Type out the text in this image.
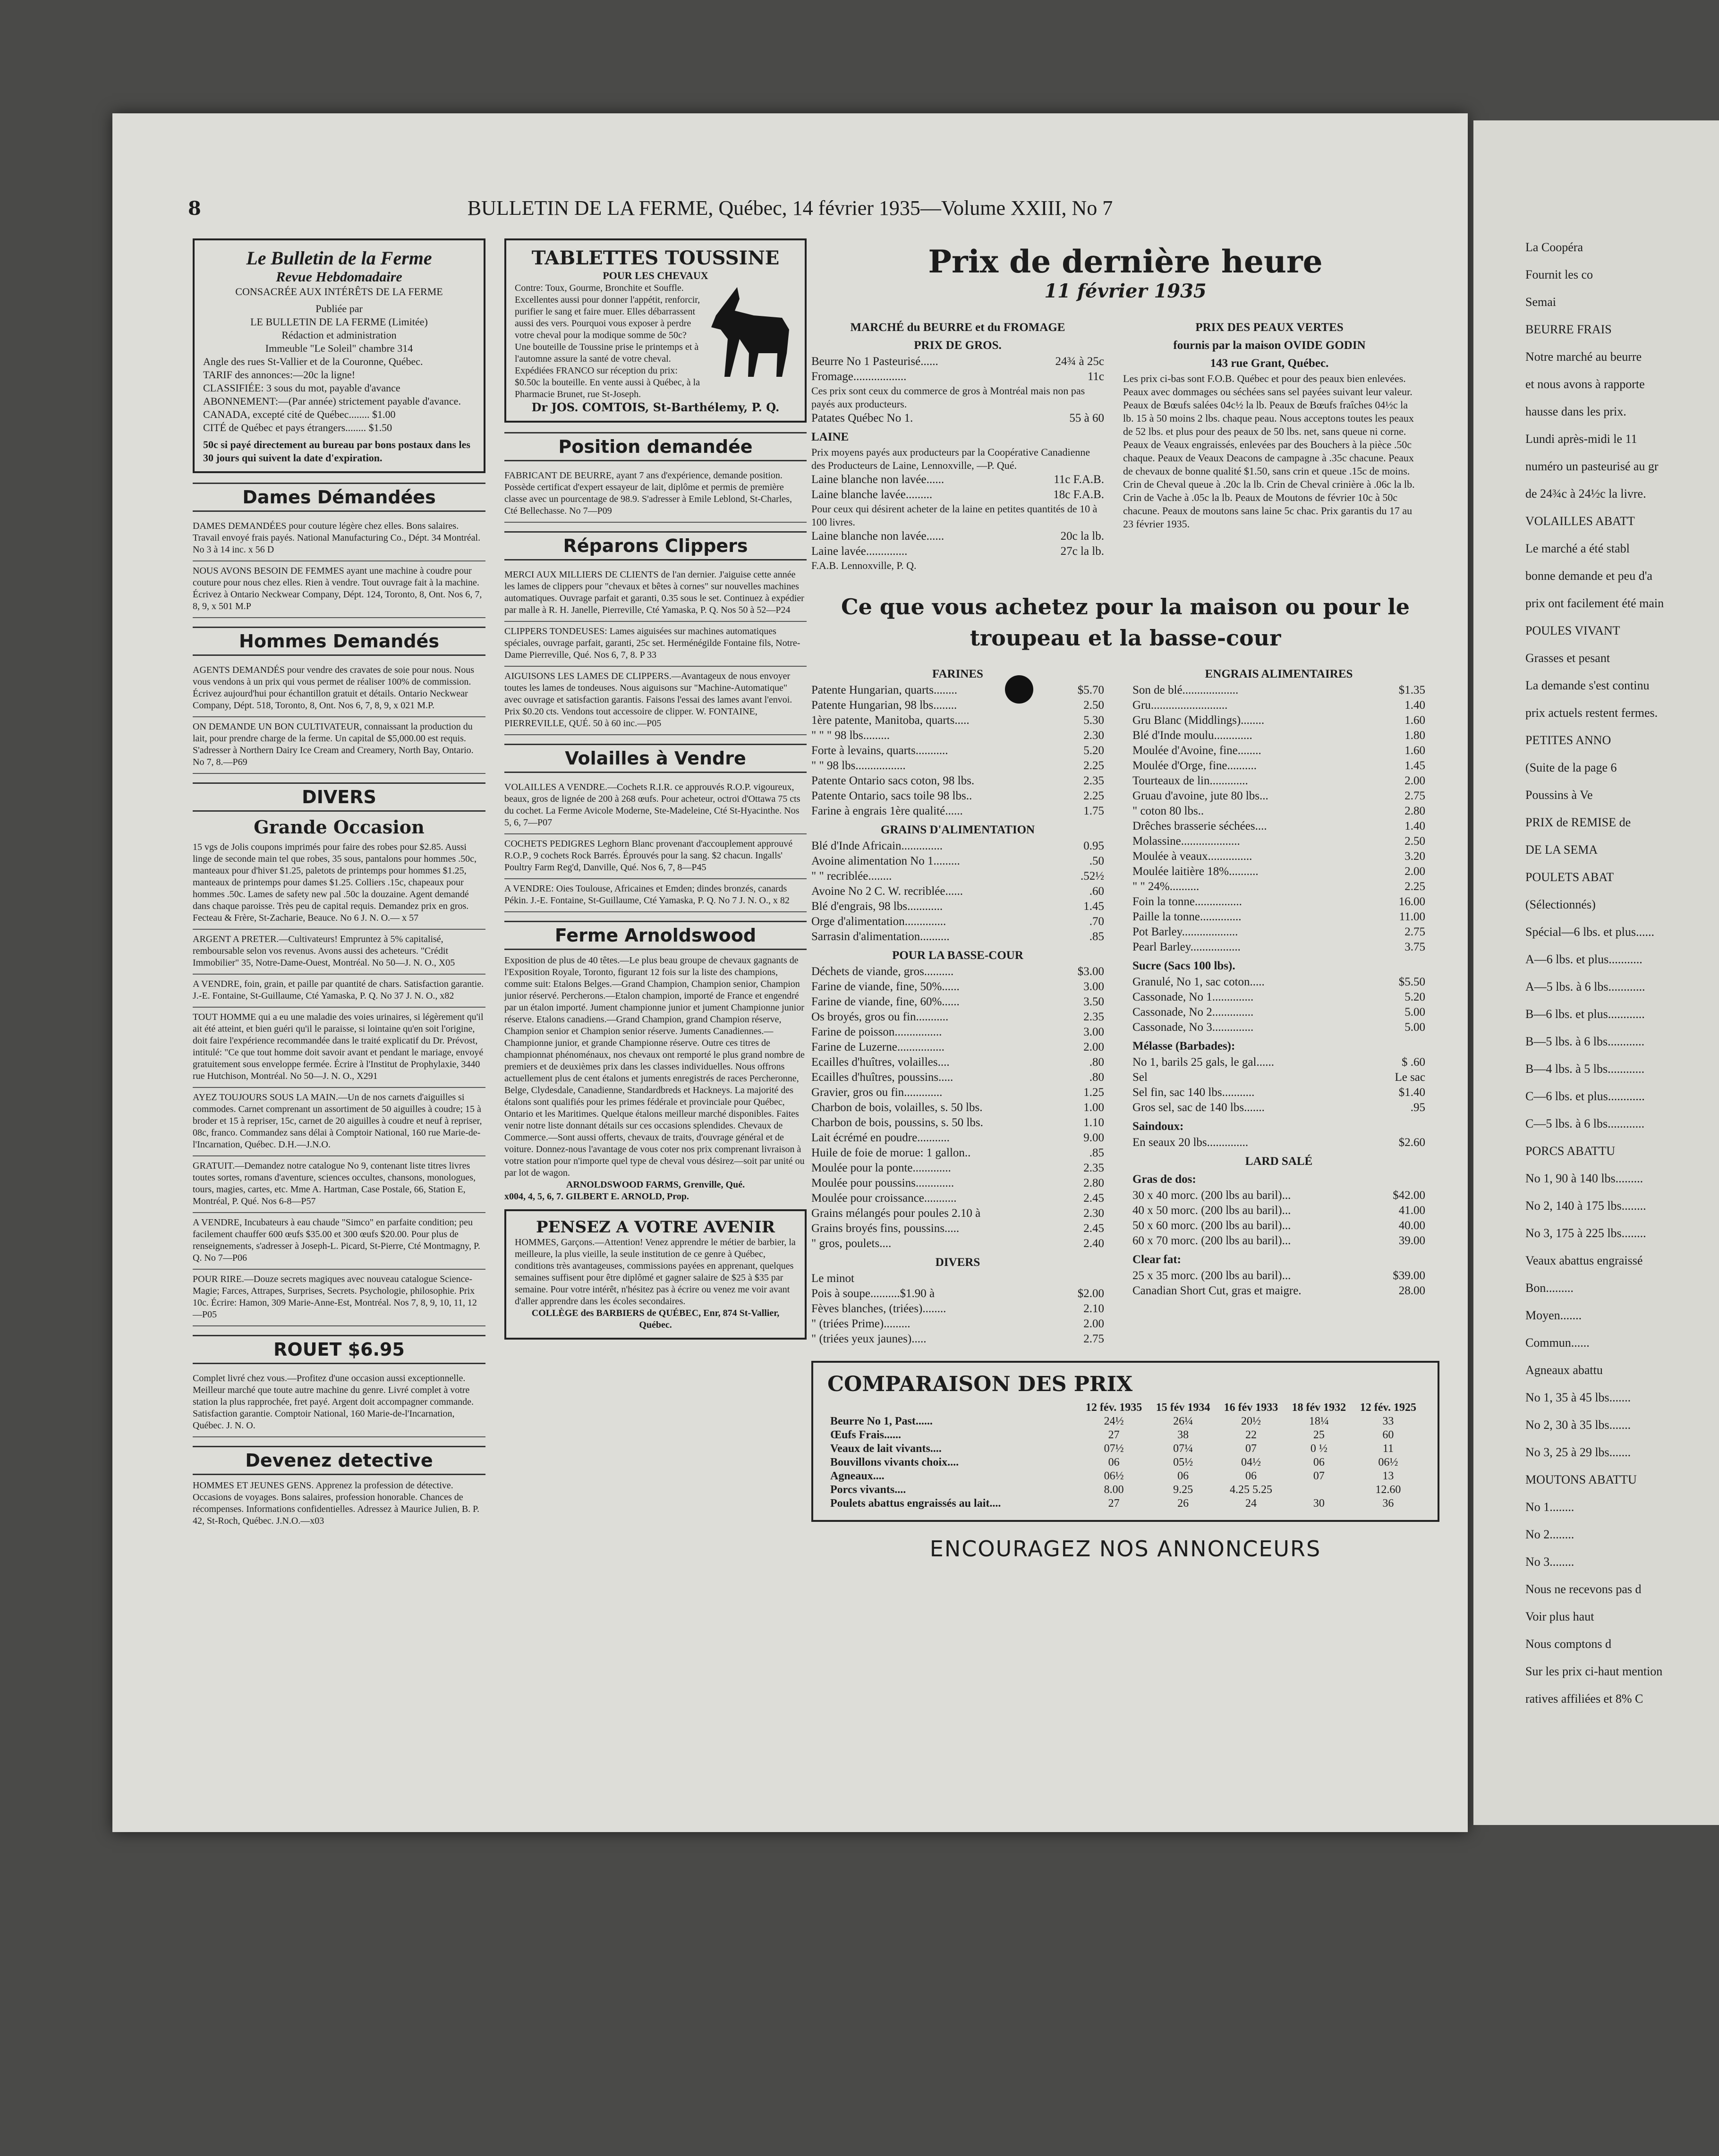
8	BULLETIN DE LA FERME, Québec, 14 février 1935—Volume XXIII, No 7
Le Bulletin de la Ferme
Revue Hebdomadaire
CONSACRÉE AUX INTÉRÊTS DE LA FERME
Publiée par
LE BULLETIN DE LA FERME (Limitée)
Rédaction et administration
Immeuble "Le Soleil" chambre 314
Angle des rues St-Vallier et de la Couronne, Québec.
TARIF des annonces:—20c la ligne!
CLASSIFIÉE: 3 sous du mot, payable d'avance
ABONNEMENT:—(Par année) strictement payable d'avance.
CANADA, excepté cité de Québec........ $1.00
CITÉ de Québec et pays étrangers........ $1.50
50c si payé directement au bureau par bons postaux dans les 30 jours qui suivent la date d'expiration.
Dames Démandées
DAMES DEMANDÉES pour couture légère chez elles. Bons salaires. Travail envoyé frais payés. National Manufacturing Co., Dépt. 34 Montréal. No 3 à 14 inc. x 56 D
NOUS AVONS BESOIN DE FEMMES ayant une machine à coudre pour couture pour nous chez elles. Rien à vendre. Tout ouvrage fait à la machine. Écrivez à Ontario Neckwear Company, Dépt. 124, Toronto, 8, Ont. Nos 6, 7, 8, 9, x 501 M.P
Hommes Demandés
AGENTS DEMANDÉS pour vendre des cravates de soie pour nous. Nous vous vendons à un prix qui vous permet de réaliser 100% de commission. Écrivez aujourd'hui pour échantillon gratuit et détails. Ontario Neckwear Company, Dépt. 518, Toronto, 8, Ont. Nos 6, 7, 8, 9, x 021 M.P.
ON DEMANDE UN BON CULTIVATEUR, connaissant la production du lait, pour prendre charge de la ferme. Un capital de $5,000.00 est requis. S'adresser à Northern Dairy Ice Cream and Creamery, North Bay, Ontario. No 7, 8.—P69
DIVERS
Grande Occasion
15 vgs de Jolis coupons imprimés pour faire des robes pour $2.85. Aussi linge de seconde main tel que robes, 35 sous, pantalons pour hommes .50c, manteaux pour d'hiver $1.25, paletots de printemps pour hommes $1.25, manteaux de printemps pour dames $1.25. Colliers .15c, chapeaux pour hommes .50c. Lames de safety new pal .50c la douzaine. Agent demandé dans chaque paroisse. Très peu de capital requis. Demandez prix en gros. Fecteau & Frère, St-Zacharie, Beauce. No 6 J. N. O.— x 57
ARGENT A PRETER.—Cultivateurs! Empruntez à 5% capitalisé, remboursable selon vos revenus. Avons aussi des acheteurs. "Crédit Immobilier" 35, Notre-Dame-Ouest, Montréal. No 50—J. N. O., X05
A VENDRE, foin, grain, et paille par quantité de chars. Satisfaction garantie. J.-E. Fontaine, St-Guillaume, Cté Yamaska, P. Q. No 37 J. N. O., x82
TOUT HOMME qui a eu une maladie des voies urinaires, si légèrement qu'il ait été atteint, et bien guéri qu'il le paraisse, si lointaine qu'en soit l'origine, doit faire l'expérience recommandée dans le traité explicatif du Dr. Prévost, intitulé: "Ce que tout homme doit savoir avant et pendant le mariage, envoyé gratuitement sous enveloppe fermée. Écrire à l'Institut de Prophylaxie, 3440 rue Hutchison, Montréal. No 50—J. N. O., X291
AYEZ TOUJOURS SOUS LA MAIN.—Un de nos carnets d'aiguilles si commodes. Carnet comprenant un assortiment de 50 aiguilles à coudre; 15 à broder et 15 à repriser, 15c, carnet de 20 aiguilles à coudre et neuf à repriser, 08c, franco. Commandez sans délai à Comptoir National, 160 rue Marie-de-l'Incarnation, Québec. D.H.—J.N.O.
GRATUIT.—Demandez notre catalogue No 9, contenant liste titres livres toutes sortes, romans d'aventure, sciences occultes, chansons, monologues, tours, magies, cartes, etc. Mme A. Hartman, Case Postale, 66, Station E, Montréal, P. Qué. Nos 6-8—P57
A VENDRE, Incubateurs à eau chaude "Simco" en parfaite condition; peu facilement chauffer 600 œufs $35.00 et 300 œufs $20.00. Pour plus de renseignements, s'adresser à Joseph-L. Picard, St-Pierre, Cté Montmagny, P. Q. No 7—P06
POUR RIRE.—Douze secrets magiques avec nouveau catalogue Science-Magie; Farces, Attrapes, Surprises, Secrets. Psychologie, philosophie. Prix 10c. Écrire: Hamon, 309 Marie-Anne-Est, Montréal. Nos 7, 8, 9, 10, 11, 12—P05
ROUET $6.95
Complet livré chez vous.—Profitez d'une occasion aussi exceptionnelle. Meilleur marché que toute autre machine du genre. Livré complet à votre station la plus rapprochée, fret payé. Argent doit accompagner commande. Satisfaction garantie. Comptoir National, 160 Marie-de-l'Incarnation, Québec. J. N. O.
Devenez detective
HOMMES ET JEUNES GENS. Apprenez la profession de détective. Occasions de voyages. Bons salaires, profession honorable. Chances de récompenses. Informations confidentielles. Adressez à Maurice Julien, B. P. 42, St-Roch, Québec. J.N.O.—x03
TABLETTES TOUSSINE
POUR LES CHEVAUX
Contre: Toux, Gourme, Bronchite et Souffle. Excellentes aussi pour donner l'appétit, renforcir, purifier le sang et faire muer. Elles débarrassent aussi des vers. Pourquoi vous exposer à perdre votre cheval pour la modique somme de 50c? Une bouteille de Toussine prise le printemps et à l'automne assure la santé de votre cheval. Expédiées FRANCO sur réception du prix: $0.50c la bouteille. En vente aussi à Québec, à la Pharmacie Brunet, rue St-Joseph.
Dr JOS. COMTOIS, St-Barthélemy, P. Q.
Position demandée
FABRICANT DE BEURRE, ayant 7 ans d'expérience, demande position. Possède certificat d'expert essayeur de lait, diplôme et permis de première classe avec un pourcentage de 98.9. S'adresser à Emile Leblond, St-Charles, Cté Bellechasse. No 7—P09
Réparons Clippers
MERCI AUX MILLIERS DE CLIENTS de l'an dernier. J'aiguise cette année les lames de clippers pour "chevaux et bêtes à cornes" sur nouvelles machines automatiques. Ouvrage parfait et garanti, 0.35 sous le set. Continuez à expédier par malle à R. H. Janelle, Pierreville, Cté Yamaska, P. Q. Nos 50 à 52—P24
CLIPPERS TONDEUSES: Lames aiguisées sur machines automatiques spéciales, ouvrage parfait, garanti, 25c set. Herménégilde Fontaine fils, Notre-Dame Pierreville, Qué. Nos 6, 7, 8. P 33
AIGUISONS LES LAMES DE CLIPPERS.—Avantageux de nous envoyer toutes les lames de tondeuses. Nous aiguisons sur "Machine-Automatique" avec ouvrage et satisfaction garantis. Faisons l'essai des lames avant l'envoi. Prix $0.20 cts. Vendons tout accessoire de clipper. W. FONTAINE, PIERREVILLE, QUÉ. 50 à 60 inc.—P05
Volailles à Vendre
VOLAILLES A VENDRE.—Cochets R.I.R. ce approuvés R.O.P. vigoureux, beaux, gros de lignée de 200 à 268 œufs. Pour acheteur, octroi d'Ottawa 75 cts du cochet. La Ferme Avicole Moderne, Ste-Madeleine, Cté St-Hyacinthe. Nos 5, 6, 7—P07
COCHETS PEDIGRES Leghorn Blanc provenant d'accouplement approuvé R.O.P., 9 cochets Rock Barrés. Éprouvés pour la sang. $2 chacun. Ingalls' Poultry Farm Reg'd, Danville, Qué. Nos 6, 7, 8—P45
A VENDRE: Oies Toulouse, Africaines et Emden; dindes bronzés, canards Pékin. J.-E. Fontaine, St-Guillaume, Cté Yamaska, P. Q. No 7 J. N. O., x 82
Ferme Arnoldswood
Exposition de plus de 40 têtes.—Le plus beau groupe de chevaux gagnants de l'Exposition Royale, Toronto, figurant 12 fois sur la liste des champions, comme suit: Etalons Belges.—Grand Champion, Champion senior, Champion junior réservé. Percherons.—Etalon champion, importé de France et engendré par un étalon importé. Jument championne junior et jument Championne junior réserve. Etalons canadiens.—Grand Champion, grand Champion réserve, Champion senior et Champion senior réserve. Juments Canadiennes.—Championne junior, et grande Championne réserve. Outre ces titres de championnat phénoménaux, nos chevaux ont remporté le plus grand nombre de premiers et de deuxièmes prix dans les classes individuelles. Nous offrons actuellement plus de cent étalons et juments enregistrés de races Percheronne, Belge, Clydesdale, Canadienne, Standardbreds et Hackneys. La majorité des étalons sont qualifiés pour les primes fédérale et provinciale pour Québec, Ontario et les Maritimes. Quelque étalons meilleur marché disponibles. Faites venir notre liste donnant détails sur ces occasions splendides. Chevaux de Commerce.—Sont aussi offerts, chevaux de traits, d'ouvrage général et de voiture. Donnez-nous l'avantage de vous coter nos prix comprenant livraison à votre station pour n'importe quel type de cheval vous désirez—soit par unité ou par lot de wagon.
ARNOLDSWOOD FARMS, Grenville, Qué.
x004, 4, 5, 6, 7. GILBERT E. ARNOLD, Prop.
PENSEZ A VOTRE AVENIR
HOMMES, Garçons.—Attention! Venez apprendre le métier de barbier, la meilleure, la plus vieille, la seule institution de ce genre à Québec, conditions très avantageuses, commissions payées en apprenant, quelques semaines suffisent pour être diplômé et gagner salaire de $25 à $35 par semaine. Pour votre intérêt, n'hésitez pas à écrire ou venez me voir avant d'aller apprendre dans les écoles secondaires.
COLLÈGE des BARBIERS de QUÉBEC, Enr, 874 St-Vallier, Québec.
Prix de dernière heure
11 février 1935
MARCHÉ du BEURRE et du FROMAGE
PRIX DE GROS.
Beurre No 1 Pasteurisé......	24¾ à 25c
Fromage..................	11c
Ces prix sont ceux du commerce de gros à Montréal mais non pas payés aux producteurs.
Patates Québec No 1.	55 à 60
LAINE
Prix moyens payés aux producteurs par la Coopérative Canadienne des Producteurs de Laine, Lennoxville, —P. Qué.
Laine blanche non lavée......	11c F.A.B.
Laine blanche lavée.........	18c F.A.B.
Pour ceux qui désirent acheter de la laine en petites quantités de 10 à 100 livres.
Laine blanche non lavée......	20c la lb.
Laine lavée..............	27c la lb.
F.A.B. Lennoxville, P. Q.
PRIX DES PEAUX VERTES
fournis par la maison OVIDE GODIN
143 rue Grant, Québec.
Les prix ci-bas sont F.O.B. Québec et pour des peaux bien enlevées. Peaux avec dommages ou séchées sans sel payées suivant leur valeur. Peaux de Bœufs salées 04c½ la lb. Peaux de Bœufs fraîches 04½c la lb. 15 à 50 moins 2 lbs. chaque peau. Nous acceptons toutes les peaux de 52 lbs. et plus pour des peaux de 50 lbs. net, sans queue ni corne. Peaux de Veaux engraissés, enlevées par des Bouchers à la pièce .50c chaque. Peaux de Veaux Deacons de campagne à .35c chacune. Peaux de chevaux de bonne qualité $1.50, sans crin et queue .15c de moins. Crin de Cheval queue à .20c la lb. Crin de Cheval crinière à .06c la lb. Crin de Vache à .05c la lb. Peaux de Moutons de février 10c à 50c chacune. Peaux de moutons sans laine 5c chac. Prix garantis du 17 au 23 février 1935.
Ce que vous achetez pour la maison ou pour le troupeau et la basse-cour
FARINES
Patente Hungarian, quarts........	$5.70
Patente Hungarian, 98 lbs........	2.50
1ère patente, Manitoba, quarts.....	5.30
" " " 98 lbs.........	2.30
Forte à levains, quarts...........	5.20
" " 98 lbs.................	2.25
Patente Ontario sacs coton, 98 lbs.	2.35
Patente Ontario, sacs toile 98 lbs..	2.25
Farine à engrais 1ère qualité......	1.75
GRAINS D'ALIMENTATION
Blé d'Inde Africain..............	0.95
Avoine alimentation No 1.........	.50
" " recriblée........	.52½
Avoine No 2 C. W. recriblée......	.60
Blé d'engrais, 98 lbs............	1.45
Orge d'alimentation..............	.70
Sarrasin d'alimentation..........	.85
POUR LA BASSE-COUR
Déchets de viande, gros..........	$3.00
Farine de viande, fine, 50%......	3.00
Farine de viande, fine, 60%......	3.50
Os broyés, gros ou fin...........	2.35
Farine de poisson................	3.00
Farine de Luzerne................	2.00
Ecailles d'huîtres, volailles....	.80
Ecailles d'huîtres, poussins.....	.80
Gravier, gros ou fin.............	1.25
Charbon de bois, volailles, s. 50 lbs.	1.00
Charbon de bois, poussins, s. 50 lbs.	1.10
Lait écrémé en poudre...........	9.00
Huile de foie de morue: 1 gallon..	.85
Moulée pour la ponte.............	2.35
Moulée pour poussins.............	2.80
Moulée pour croissance...........	2.45
Grains mélangés pour poules 2.10 à	2.30
Grains broyés fins, poussins.....	2.45
" gros, poulets....	2.40
DIVERS
Le minot
Pois à soupe..........$1.90 à	$2.00
Fèves blanches, (triées)........	2.10
" (triées Prime).........	2.00
" (triées yeux jaunes).....	2.75
ENGRAIS ALIMENTAIRES
Son de blé...................	$1.35
Gru..........................	1.40
Gru Blanc (Middlings)........	1.60
Blé d'Inde moulu.............	1.80
Moulée d'Avoine, fine........	1.60
Moulée d'Orge, fine..........	1.45
Tourteaux de lin.............	2.00
Gruau d'avoine, jute 80 lbs...	2.75
" coton 80 lbs..	2.80
Drêches brasserie séchées....	1.40
Molassine....................	2.50
Moulée à veaux...............	3.20
Moulée laitière 18%..........	2.00
" " 24%..........	2.25
Foin la tonne................	16.00
Paille la tonne..............	11.00
Pot Barley...................	2.75
Pearl Barley.................	3.75
Sucre (Sacs 100 lbs).
Granulé, No 1, sac coton.....	$5.50
Cassonade, No 1..............	5.20
Cassonade, No 2..............	5.00
Cassonade, No 3..............	5.00
Mélasse (Barbades):
No 1, barils 25 gals, le gal......	$ .60
Sel	Le sac
Sel fin, sac 140 lbs...........	$1.40
Gros sel, sac de 140 lbs.......	.95
Saindoux:
En seaux 20 lbs..............	$2.60
LARD SALÉ
Gras de dos:
30 x 40 morc. (200 lbs au baril)...	$42.00
40 x 50 morc. (200 lbs au baril)...	41.00
50 x 60 morc. (200 lbs au baril)...	40.00
60 x 70 morc. (200 lbs au baril)...	39.00
Clear fat:
25 x 35 morc. (200 lbs au baril)...	$39.00
Canadian Short Cut, gras et maigre.	28.00
COMPARAISON DES PRIX
	12 fév. 1935	15 fév 1934	16 fév 1933	18 fév 1932	12 fév. 1925
Beurre No 1, Past......	24½	26¼	20½	18¼	33
Œufs Frais......	27	38	22	25	60
Veaux de lait vivants....	07½	07¼	07	0 ½	11
Bouvillons vivants choix....	06	05½	04½	06	06½
Agneaux....	06½	06	06	07	13
Porcs vivants....	8.00	9.25	4.25 5.25		12.60
Poulets abattus engraissés au lait....	27	26	24	30	36
ENCOURAGEZ NOS ANNONCEURS
La Coopéra
Fournit les co
Semai
BEURRE FRAIS
Notre marché au beurre
et nous avons à rapporte
hausse dans les prix.
Lundi après-midi le 11
numéro un pasteurisé au gr
de 24¾c à 24½c la livre.
VOLAILLES ABATT
Le marché a été stabl
bonne demande et peu d'a
prix ont facilement été main
POULES VIVANT
Grasses et pesant
La demande s'est continu
prix actuels restent fermes.
PETITES ANNO
(Suite de la page 6
Poussins à Ve
PRIX de REMISE de
DE LA SEMA
POULETS ABAT
(Sélectionnés)
Spécial—6 lbs. et plus......
A—6 lbs. et plus...........
A—5 lbs. à 6 lbs............
B—6 lbs. et plus............
B—5 lbs. à 6 lbs............
B—4 lbs. à 5 lbs............
C—6 lbs. et plus............
C—5 lbs. à 6 lbs............
PORCS ABATTU
No 1, 90 à 140 lbs.........
No 2, 140 à 175 lbs........
No 3, 175 à 225 lbs........
Veaux abattus engraissé
Bon.........
Moyen.......
Commun......
Agneaux abattu
No 1, 35 à 45 lbs.......
No 2, 30 à 35 lbs.......
No 3, 25 à 29 lbs.......
MOUTONS ABATTU
No 1........
No 2........
No 3........
Nous ne recevons pas d
Voir plus haut
Nous comptons d
Sur les prix ci-haut mention
ratives affiliées et 8% C
